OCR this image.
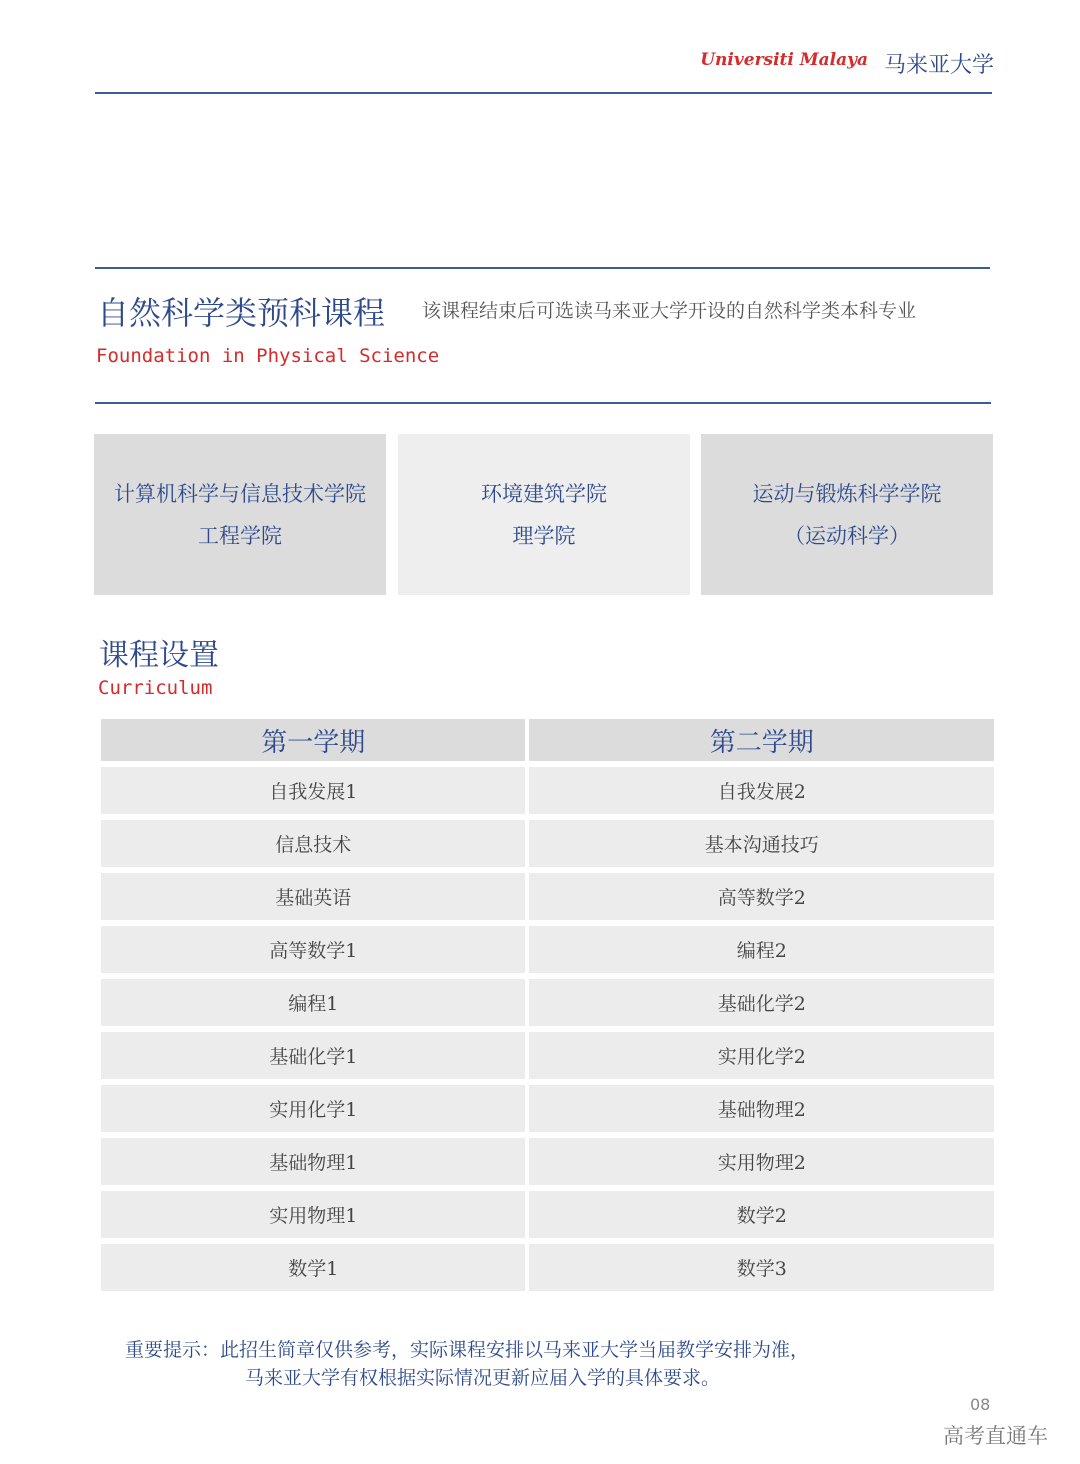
Universiti Malaya 马来亚大学
自然科学类预科课程 该课程结束后可选读马来亚大学开设的自然科学类本科专业
Foundation in Physical Science
计算机科学与信息技术学院
工程学院
环境建筑学院
理学院
运动与锻炼科学学院
（运动科学）
课程设置
Curriculum
第一学期	第二学期
自我发展1	自我发展2
信息技术	基本沟通技巧
基础英语	高等数学2
高等数学1	编程2
编程1	基础化学2
基础化学1	实用化学2
实用化学1	基础物理2
基础物理1	实用物理2
实用物理1	数学2
数学1	数学3
重要提示：此招生简章仅供参考，实际课程安排以马来亚大学当届教学安排为准，
马来亚大学有权根据实际情况更新应届入学的具体要求。
08
高考直通车
